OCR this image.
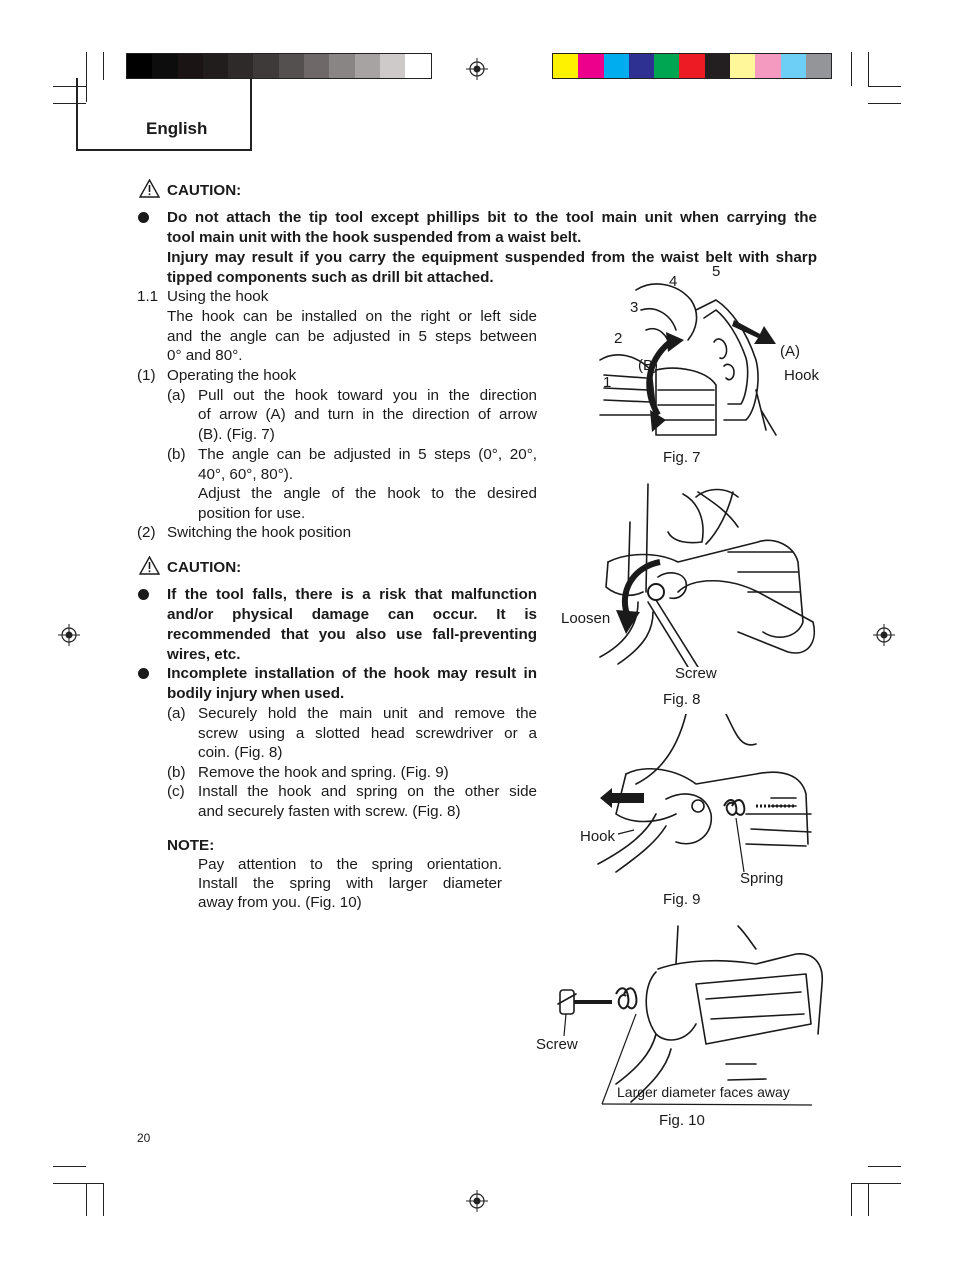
English
CAUTION:
Do not attach the tip tool except phillips bit to the tool main unit when carrying the
tool main unit with the hook suspended from a waist belt.
Injury may result if you carry the equipment suspended from the waist belt with sharp
tipped components such as drill bit attached.
1.1 Using the hook
The hook can be installed on the right or left side
and the angle can be adjusted in 5 steps between
0° and 80°.
(1) Operating the hook
(a) Pull out the hook toward you in the direction
of arrow (A) and turn in the direction of arrow
(B). (Fig. 7)
(b) The angle can be adjusted in 5 steps (0°, 20°,
40°, 60°, 80°).
Adjust the angle of the hook to the desired
position for use.
(2) Switching the hook position
CAUTION:
If the tool falls, there is a risk that malfunction
and/or physical damage can occur. It is
recommended that you also use fall-preventing
wires, etc.
Incomplete installation of the hook may result in
bodily injury when used.
(a) Securely hold the main unit and remove the
screw using a slotted head screwdriver or a
coin. (Fig. 8)
(b) Remove the hook and spring. (Fig. 9)
(c) Install the hook and spring on the other side
and securely fasten with screw. (Fig. 8)
NOTE:
Pay attention to the spring orientation.
Install the spring with larger diameter
away from you. (Fig. 10)
5
4
3
2
(B)
1
(A)
Hook
Fig. 7
Loosen
Screw
Fig. 8
Hook
Spring
Fig. 9
Screw
Larger diameter faces away
Fig. 10
20
